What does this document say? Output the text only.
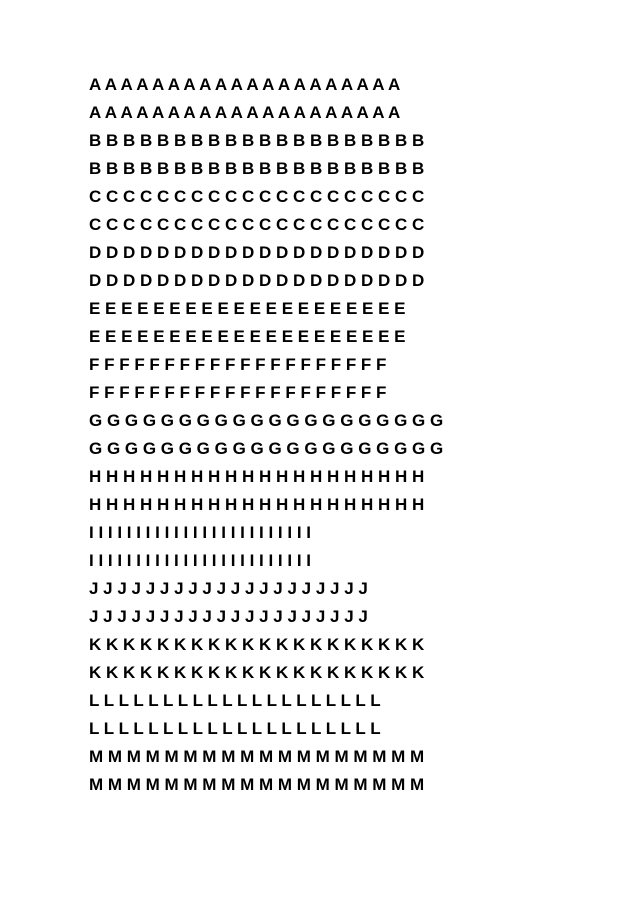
A A A A A A A A A A A A A A A A A A A A
A A A A A A A A A A A A A A A A A A A A
B B B B B B B B B B B B B B B B B B B B
B B B B B B B B B B B B B B B B B B B B
C C C C C C C C C C C C C C C C C C C C
C C C C C C C C C C C C C C C C C C C C
D D D D D D D D D D D D D D D D D D D D
D D D D D D D D D D D D D D D D D D D D
E E E E E E E E E E E E E E E E E E E E
E E E E E E E E E E E E E E E E E E E E
F F F F F F F F F F F F F F F F F F F F
F F F F F F F F F F F F F F F F F F F F
G G G G G G G G G G G G G G G G G G G G
G G G G G G G G G G G G G G G G G G G G
H H H H H H H H H H H H H H H H H H H H
H H H H H H H H H H H H H H H H H H H H
I I I I I I I I I I I I I I I I I I I I I I I I
I I I I I I I I I I I I I I I I I I I I I I I I
J J J J J J J J J J J J J J J J J J J J
J J J J J J J J J J J J J J J J J J J J
K K K K K K K K K K K K K K K K K K K K
K K K K K K K K K K K K K K K K K K K K
L L L L L L L L L L L L L L L L L L L L
L L L L L L L L L L L L L L L L L L L L
M M M M M M M M M M M M M M M M M M
M M M M M M M M M M M M M M M M M M
